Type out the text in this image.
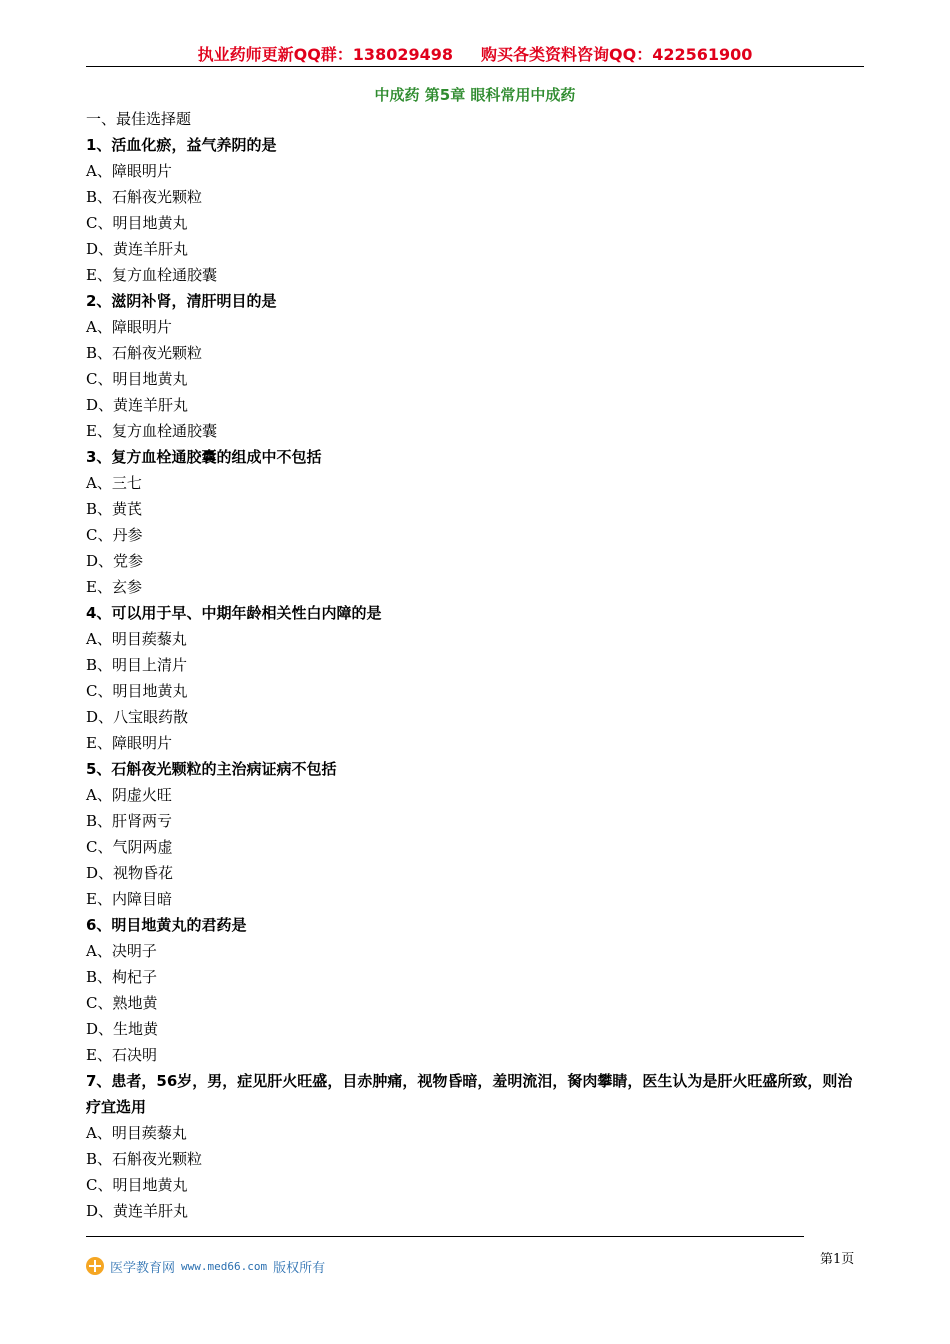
执业药师更新QQ群：138029498 购买各类资料咨询QQ：422561900
中成药 第5章 眼科常用中成药
一、最佳选择题
1、活血化瘀，益气养阴的是
A、障眼明片
B、石斛夜光颗粒
C、明目地黄丸
D、黄连羊肝丸
E、复方血栓通胶囊
2、滋阴补肾，清肝明目的是
A、障眼明片
B、石斛夜光颗粒
C、明目地黄丸
D、黄连羊肝丸
E、复方血栓通胶囊
3、复方血栓通胶囊的组成中不包括
A、三七
B、黄芪
C、丹参
D、党参
E、玄参
4、可以用于早、中期年龄相关性白内障的是
A、明目蒺藜丸
B、明目上清片
C、明目地黄丸
D、八宝眼药散
E、障眼明片
5、石斛夜光颗粒的主治病证病不包括
A、阴虚火旺
B、肝肾两亏
C、气阴两虚
D、视物昏花
E、内障目暗
6、明目地黄丸的君药是
A、决明子
B、枸杞子
C、熟地黄
D、生地黄
E、石决明
7、患者，56岁，男，症见肝火旺盛，目赤肿痛，视物昏暗，羞明流泪，胬肉攀睛，医生认为是肝火旺盛所致，则治疗宜选用
A、明目蒺藜丸
B、石斛夜光颗粒
C、明目地黄丸
D、黄连羊肝丸
医学教育网 www.med66.com 版权所有
第1页
